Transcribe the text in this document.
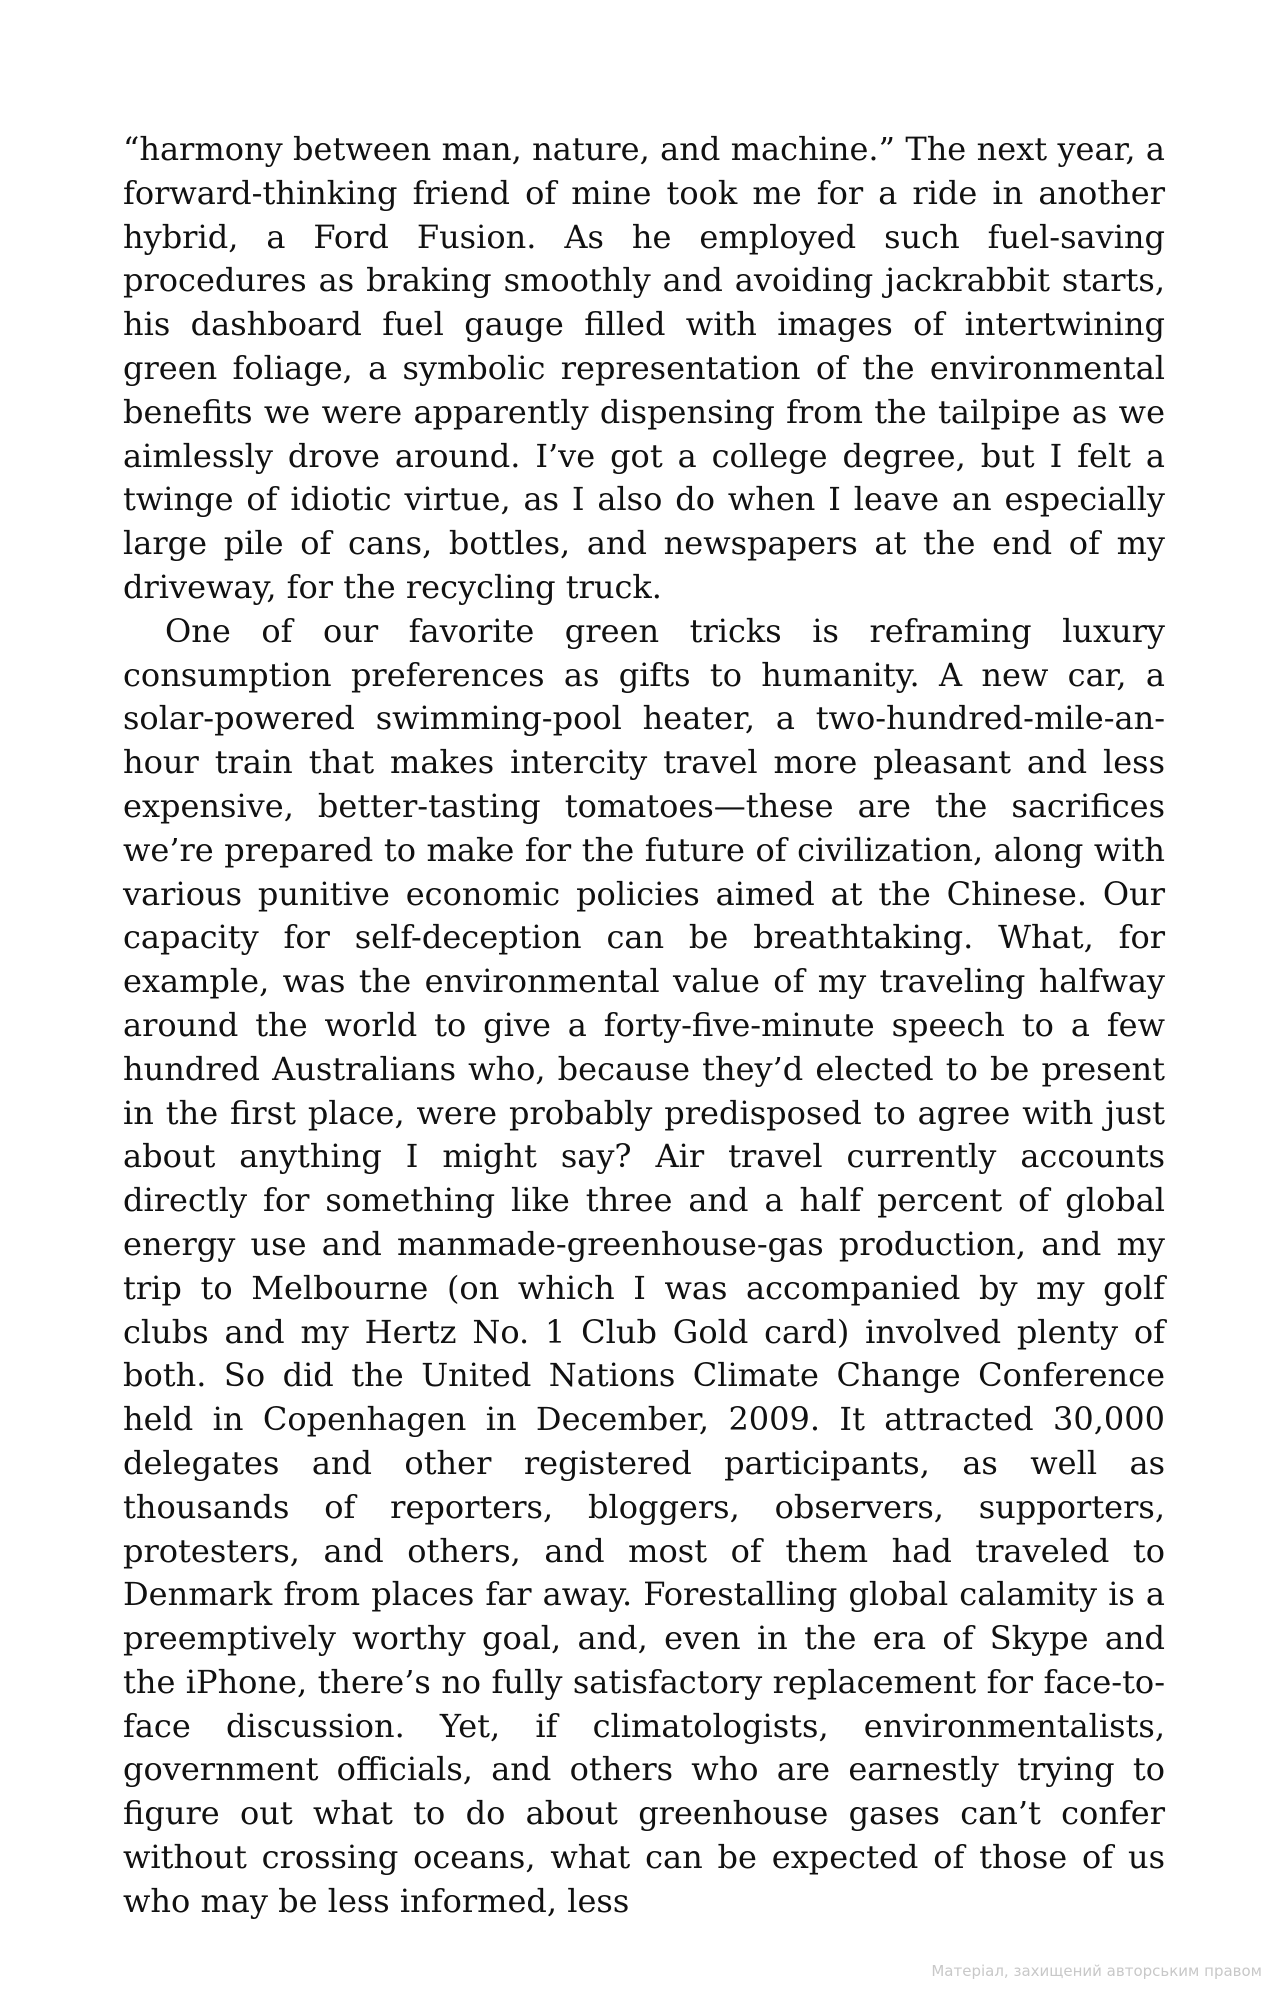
“harmony between man, nature, and machine.” The next year, a forward-thinking friend of mine took me for a ride in another hybrid, a Ford Fusion. As he employed such fuel-saving procedures as braking smoothly and avoiding jackrabbit starts, his dashboard fuel gauge filled with images of intertwining green foliage, a symbolic representation of the environmental benefits we were apparently dispensing from the tailpipe as we aimlessly drove around. I’ve got a college degree, but I felt a twinge of idiotic virtue, as I also do when I leave an especially large pile of cans, bottles, and newspapers at the end of my driveway, for the recycling truck.

One of our favorite green tricks is reframing luxury consumption preferences as gifts to humanity. A new car, a solar-powered swimming-pool heater, a two-hundred-mile-an-hour train that makes intercity travel more pleasant and less expensive, better-tasting tomatoes—these are the sacrifices we’re prepared to make for the future of civilization, along with various punitive economic policies aimed at the Chinese. Our capacity for self-deception can be breathtaking. What, for example, was the environmental value of my traveling halfway around the world to give a forty-five-minute speech to a few hundred Australians who, because they’d elected to be present in the first place, were probably predisposed to agree with just about anything I might say? Air travel currently accounts directly for something like three and a half percent of global energy use and manmade-greenhouse-gas production, and my trip to Melbourne (on which I was accompanied by my golf clubs and my Hertz No. 1 Club Gold card) involved plenty of both. So did the United Nations Climate Change Conference held in Copenhagen in December, 2009. It attracted 30,000 delegates and other registered participants, as well as thousands of reporters, bloggers, observers, supporters, protesters, and others, and most of them had traveled to Denmark from places far away. Forestalling global calamity is a preemptively worthy goal, and, even in the era of Skype and the iPhone, there’s no fully satisfactory replacement for face-to-face discussion. Yet, if climatologists, environmentalists, government officials, and others who are earnestly trying to figure out what to do about greenhouse gases can’t confer without crossing oceans, what can be expected of those of us who may be less informed, less

Матеріал, захищений авторським правом
